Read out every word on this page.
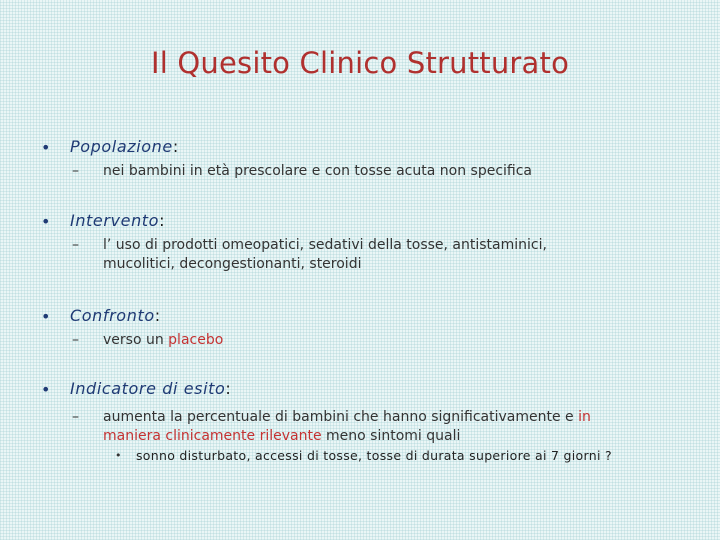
Il Quesito Clinico Strutturato
• Popolazione:
– nei bambini in età prescolare e con tosse acuta non specifica
• Intervento:
– l’ uso di prodotti omeopatici, sedativi della tosse, antistaminici,
mucolitici, decongestionanti, steroidi
• Confronto:
– verso un placebo
• Indicatore di esito:
– aumenta la percentuale di bambini che hanno significativamente e in
maniera clinicamente rilevante meno sintomi quali
• sonno disturbato, accessi di tosse, tosse di durata superiore ai 7 giorni ?
